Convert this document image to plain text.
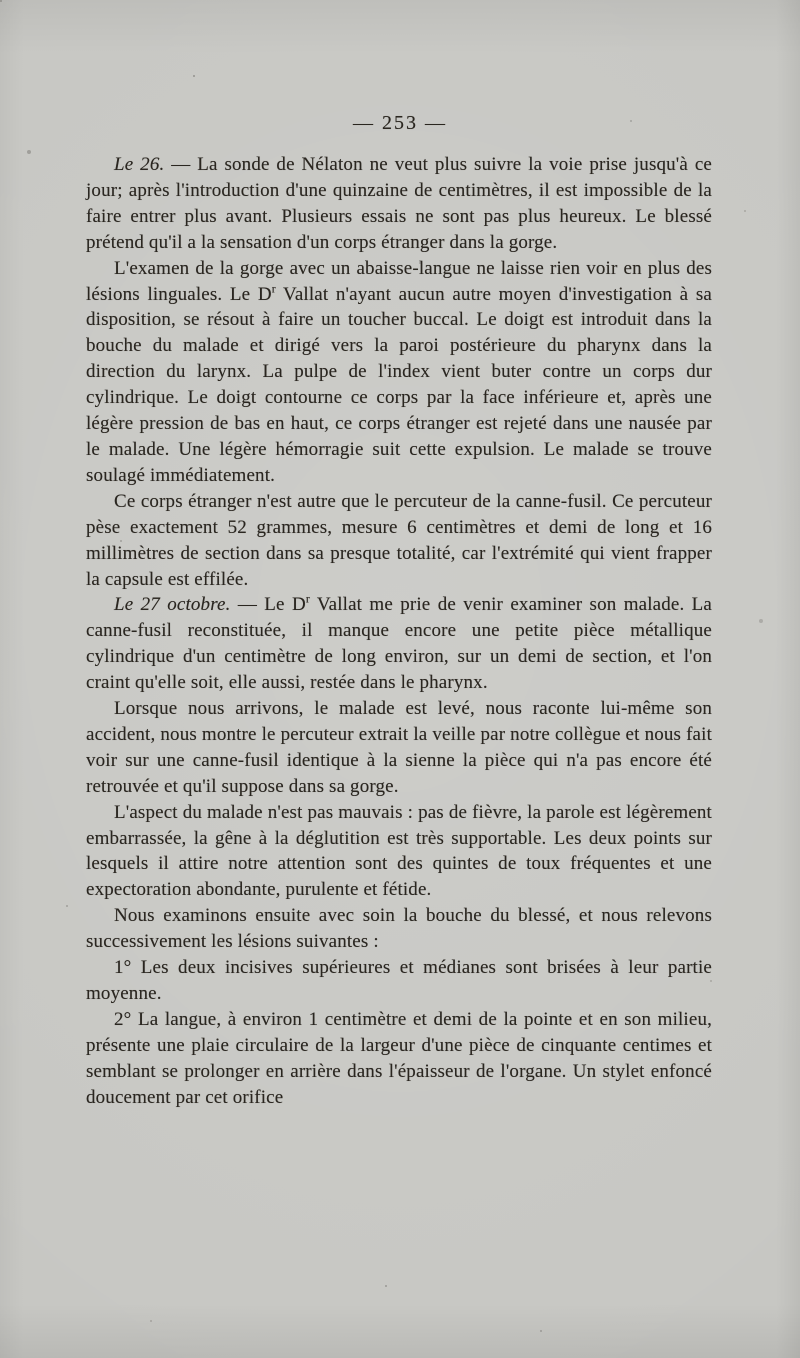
— 253 —

Le 26. — La sonde de Nélaton ne veut plus suivre la voie prise jusqu'à ce jour; après l'introduction d'une quinzaine de centimètres, il est impossible de la faire entrer plus avant. Plusieurs essais ne sont pas plus heureux. Le blessé prétend qu'il a la sensation d'un corps étranger dans la gorge.

L'examen de la gorge avec un abaisse-langue ne laisse rien voir en plus des lésions linguales. Le $D^r$ Vallat n'ayant aucun autre moyen d'investigation à sa disposition, se résout à faire un toucher buccal. Le doigt est introduit dans la bouche du malade et dirigé vers la paroi postérieure du pharynx dans la direction du larynx. La pulpe de l'index vient buter contre un corps dur cylindrique. Le doigt contourne ce corps par la face inférieure et, après une légère pression de bas en haut, ce corps étranger est rejeté dans une nausée par le malade. Une légère hémorragie suit cette expulsion. Le malade se trouve soulagé immédiatement.

Ce corps étranger n'est autre que le percuteur de la canne-fusil. Ce percuteur pèse exactement 52 grammes, mesure 6 centimètres et demi de long et 16 millimètres de section dans sa presque totalité, car l'extrémité qui vient frapper la capsule est effilée.

Le 27 octobre. — Le $D^r$ Vallat me prie de venir examiner son malade. La canne-fusil reconstituée, il manque encore une petite pièce métallique cylindrique d'un centimètre de long environ, sur un demi de section, et l'on craint qu'elle soit, elle aussi, restée dans le pharynx.

Lorsque nous arrivons, le malade est levé, nous raconte lui-même son accident, nous montre le percuteur extrait la veille par notre collègue et nous fait voir sur une canne-fusil identique à la sienne la pièce qui n'a pas encore été retrouvée et qu'il suppose dans sa gorge.

L'aspect du malade n'est pas mauvais : pas de fièvre, la parole est légèrement embarrassée, la gêne à la déglutition est très supportable. Les deux points sur lesquels il attire notre attention sont des quintes de toux fréquentes et une expectoration abondante, purulente et fétide.

Nous examinons ensuite avec soin la bouche du blessé, et nous relevons successivement les lésions suivantes :

1° Les deux incisives supérieures et médianes sont brisées à leur partie moyenne.

2° La langue, à environ 1 centimètre et demi de la pointe et en son milieu, présente une plaie circulaire de la largeur d'une pièce de cinquante centimes et semblant se prolonger en arrière dans l'épaisseur de l'organe. Un stylet enfoncé doucement par cet orifice
